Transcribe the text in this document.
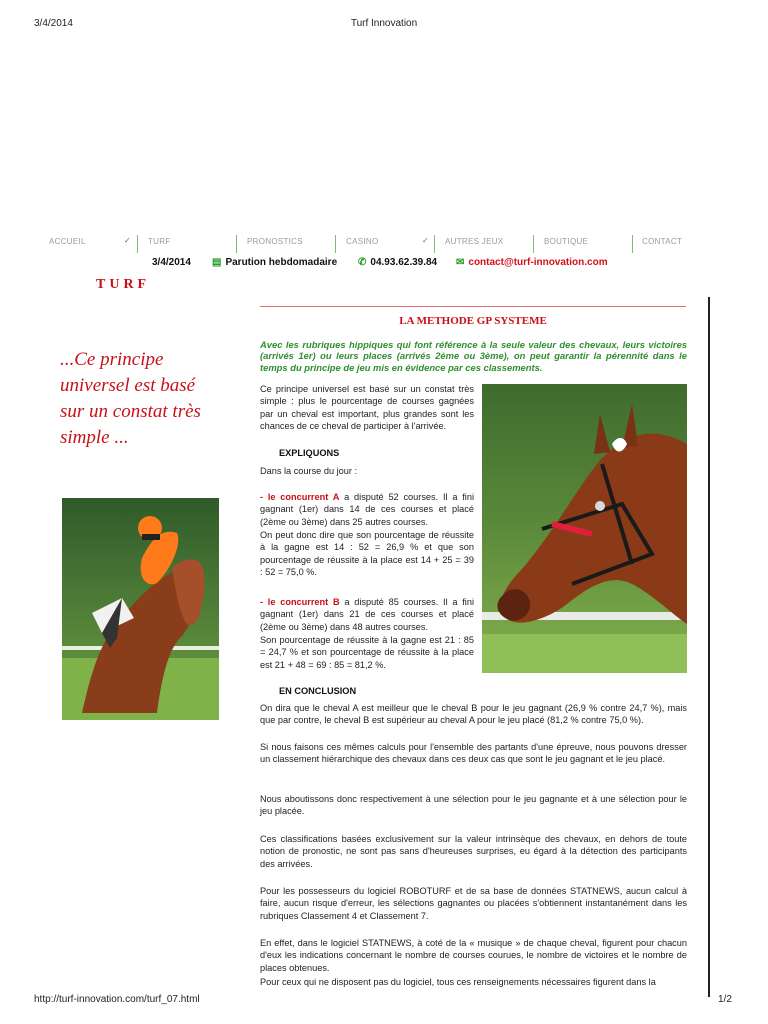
3/4/2014	Turf Innovation
ACCUEIL	✓ TURF	PRONOSTICS	CASINO	✓ AUTRES JEUX	BOUTIQUE	CONTACT
3/4/2014 ▤ Parution hebdomadaire ✆ 04.93.62.39.84 ✉ contact@turf-innovation.com
TURF
...Ce principe universel est basé sur un constat très simple ...
LA METHODE GP SYSTEME
Avec les rubriques hippiques qui font référence à la seule valeur des chevaux, leurs victoires (arrivés 1er) ou leurs places (arrivés 2ème ou 3ème), on peut garantir la pérennité dans le temps du principe de jeu mis en évidence par ces classements.
Ce principe universel est basé sur un constat très simple : plus le pourcentage de courses gagnées par un cheval est important, plus grandes sont les chances de ce cheval de participer à l'arrivée.
EXPLIQUONS
Dans la course du jour :
- le concurrent A a disputé 52 courses. Il a fini gagnant (1er) dans 14 de ces courses et placé (2ème ou 3ème) dans 25 autres courses.
On peut donc dire que son pourcentage de réussite à la gagne est 14 : 52 = 26,9 % et que son pourcentage de réussite à la place est 14 + 25 = 39 : 52 = 75,0 %.
- le concurrent B a disputé 85 courses. Il a fini gagnant (1er) dans 21 de ces courses et placé (2ème ou 3ème) dans 48 autres courses.
Son pourcentage de réussite à la gagne est 21 : 85 = 24,7 % et son pourcentage de réussite à la place est 21 + 48 = 69 : 85 = 81,2 %.
EN CONCLUSION
On dira que le cheval A est meilleur que le cheval B pour le jeu gagnant (26,9 % contre 24,7 %), mais que par contre, le cheval B est supérieur au cheval A pour le jeu placé (81,2 % contre 75,0 %).
Si nous faisons ces mêmes calculs pour l'ensemble des partants d'une épreuve, nous pouvons dresser un classement hiérarchique des chevaux dans ces deux cas que sont le jeu gagnant et le jeu placé.
Nous aboutissons donc respectivement à une sélection pour le jeu gagnante et à une sélection pour le jeu placée.
Ces classifications basées exclusivement sur la valeur intrinsèque des chevaux, en dehors de toute notion de pronostic, ne sont pas sans d'heureuses surprises, eu égard à la détection des participants des arrivées.
Pour les possesseurs du logiciel ROBOTURF et de sa base de données STATNEWS, aucun calcul à faire, aucun risque d'erreur, les sélections gagnantes ou placées s'obtiennent instantanément dans les rubriques Classement 4 et Classement 7.
En effet, dans le logiciel STATNEWS, à coté de la « musique » de chaque cheval, figurent pour chacun d'eux les indications concernant le nombre de courses courues, le nombre de victoires et le nombre de places obtenues.
Pour ceux qui ne disposent pas du logiciel, tous ces renseignements nécessaires figurent dans la
http://turf-innovation.com/turf_07.html	1/2
